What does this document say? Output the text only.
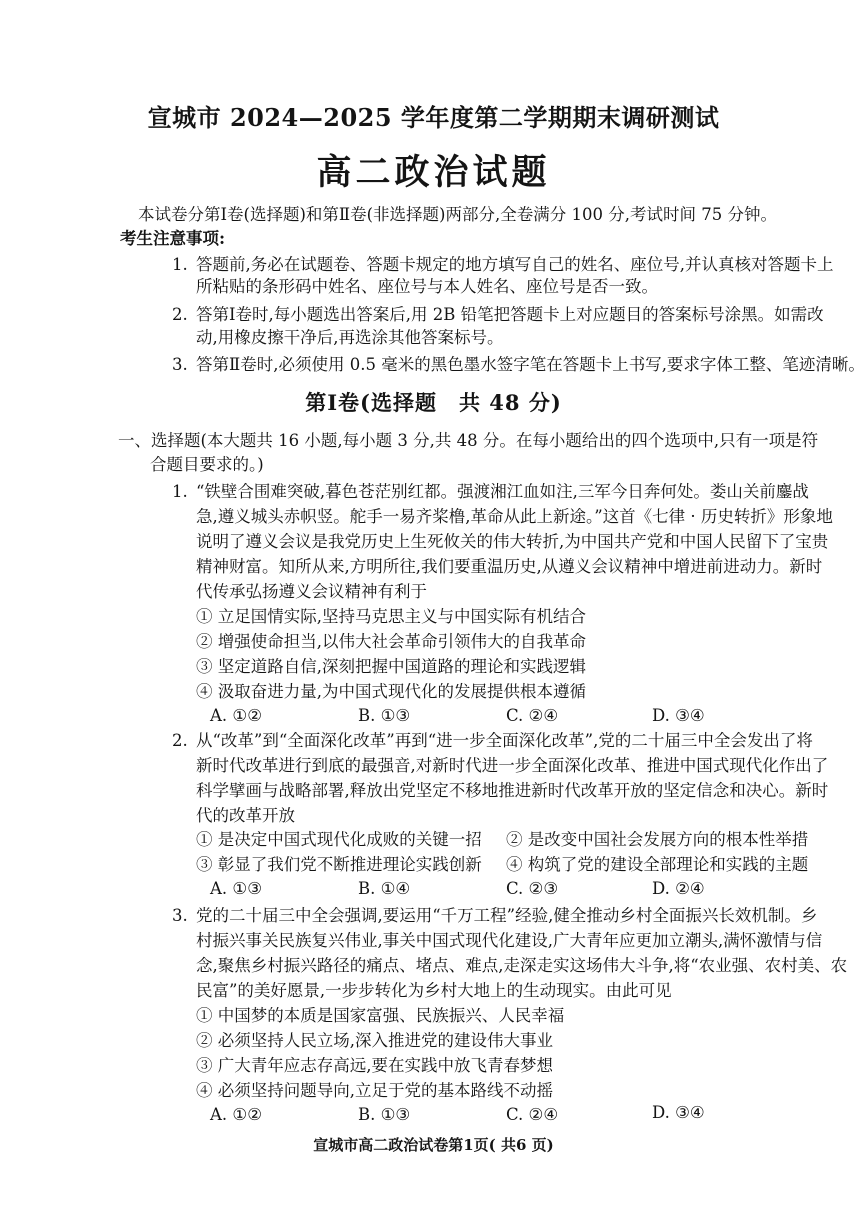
宣城市 2024—2025 学年度第二学期期末调研测试
高二政治试题
本试卷分第Ⅰ卷(选择题)和第Ⅱ卷(非选择题)两部分,全卷满分 100 分,考试时间 75 分钟。
考生注意事项:
1. 答题前,务必在试题卷、答题卡规定的地方填写自己的姓名、座位号,并认真核对答题卡上
所粘贴的条形码中姓名、座位号与本人姓名、座位号是否一致。
2. 答第Ⅰ卷时,每小题选出答案后,用 2B 铅笔把答题卡上对应题目的答案标号涂黑。如需改
动,用橡皮擦干净后,再选涂其他答案标号。
3. 答第Ⅱ卷时,必须使用 0.5 毫米的黑色墨水签字笔在答题卡上书写,要求字体工整、笔迹清晰。
第Ⅰ卷(选择题　共 48 分)
一、选择题(本大题共 16 小题,每小题 3 分,共 48 分。在每小题给出的四个选项中,只有一项是符
合题目要求的。)
1. “铁壁合围难突破,暮色苍茫别红都。强渡湘江血如注,三军今日奔何处。娄山关前鏖战
急,遵义城头赤帜竖。舵手一易齐桨橹,革命从此上新途。”这首《七律 · 历史转折》形象地
说明了遵义会议是我党历史上生死攸关的伟大转折,为中国共产党和中国人民留下了宝贵
精神财富。知所从来,方明所往,我们要重温历史,从遵义会议精神中增进前进动力。新时
代传承弘扬遵义会议精神有利于
① 立足国情实际,坚持马克思主义与中国实际有机结合
② 增强使命担当,以伟大社会革命引领伟大的自我革命
③ 坚定道路自信,深刻把握中国道路的理论和实践逻辑
④ 汲取奋进力量,为中国式现代化的发展提供根本遵循
A. ①②	B. ①③	C. ②④	D. ③④
2. 从“改革”到“全面深化改革”再到“进一步全面深化改革”,党的二十届三中全会发出了将
新时代改革进行到底的最强音,对新时代进一步全面深化改革、推进中国式现代化作出了
科学擘画与战略部署,释放出党坚定不移地推进新时代改革开放的坚定信念和决心。新时
代的改革开放
① 是决定中国式现代化成败的关键一招 ② 是改变中国社会发展方向的根本性举措
③ 彰显了我们党不断推进理论实践创新 ④ 构筑了党的建设全部理论和实践的主题
A. ①③	B. ①④	C. ②③	D. ②④
3. 党的二十届三中全会强调,要运用“千万工程”经验,健全推动乡村全面振兴长效机制。乡
村振兴事关民族复兴伟业,事关中国式现代化建设,广大青年应更加立潮头,满怀激情与信
念,聚焦乡村振兴路径的痛点、堵点、难点,走深走实这场伟大斗争,将“农业强、农村美、农
民富”的美好愿景,一步步转化为乡村大地上的生动现实。由此可见
① 中国梦的本质是国家富强、民族振兴、人民幸福
② 必须坚持人民立场,深入推进党的建设伟大事业
③ 广大青年应志存高远,要在实践中放飞青春梦想
④ 必须坚持问题导向,立足于党的基本路线不动摇
A. ①②	B. ①③	C. ②④	D. ③④
宣城市高二政治试卷第1页( 共6 页)
